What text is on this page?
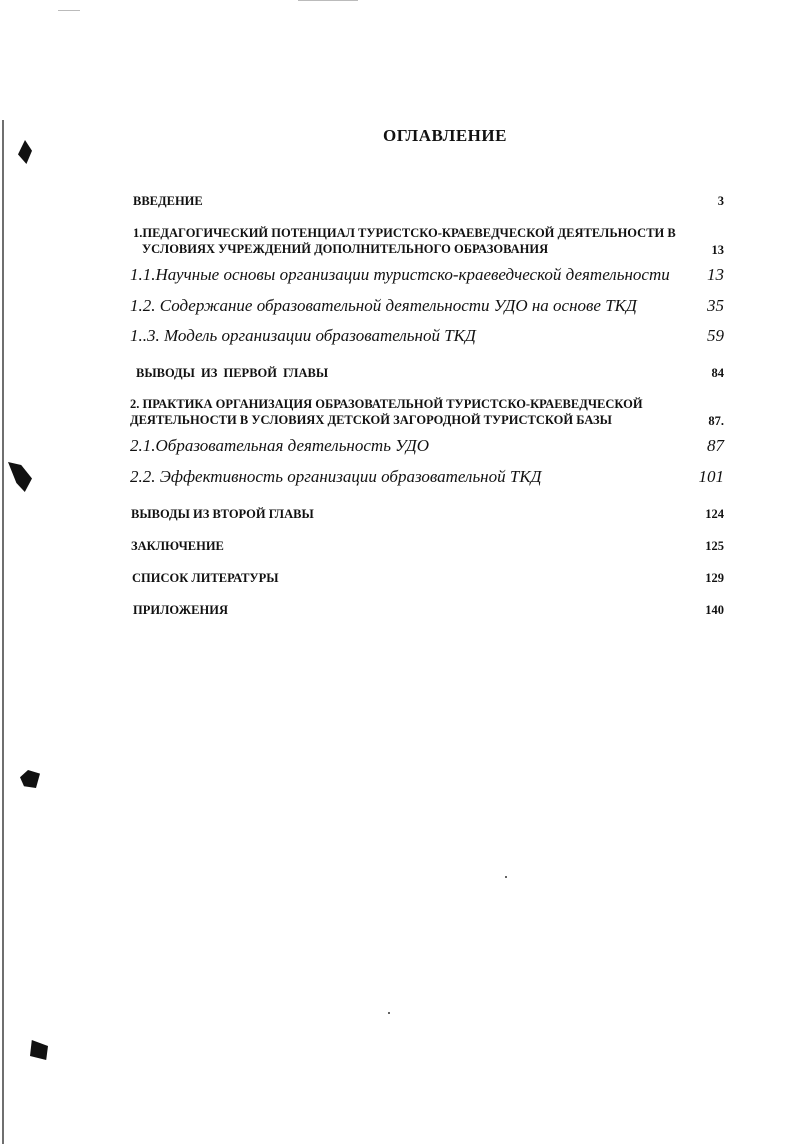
ОГЛАВЛЕНИЕ
ВВЕДЕНИЕ	3
1.ПЕДАГОГИЧЕСКИЙ ПОТЕНЦИАЛ ТУРИСТСКО-КРАЕВЕДЧЕСКОЙ ДЕЯТЕЛЬНОСТИ В
УСЛОВИЯХ УЧРЕЖДЕНИЙ ДОПОЛНИТЕЛЬНОГО ОБРАЗОВАНИЯ	13
1.1.Научные основы организации туристско-краеведческой деятельности 13
1.2. Содержание образовательной деятельности УДО на основе ТКД	35
1..3. Модель организации образовательной ТКД	59
ВЫВОДЫ ИЗ ПЕРВОЙ ГЛАВЫ	84
2. ПРАКТИКА ОРГАНИЗАЦИЯ ОБРАЗОВАТЕЛЬНОЙ ТУРИСТСКО-КРАЕВЕДЧЕСКОЙ
ДЕЯТЕЛЬНОСТИ В УСЛОВИЯХ ДЕТСКОЙ ЗАГОРОДНОЙ ТУРИСТСКОЙ БАЗЫ	87.
2.1.Образовательная деятельность УДО	87
2.2. Эффективность организации образовательной ТКД	101
ВЫВОДЫ ИЗ ВТОРОЙ ГЛАВЫ	124
ЗАКЛЮЧЕНИЕ	125
СПИСОК ЛИТЕРАТУРЫ	129
ПРИЛОЖЕНИЯ	140
